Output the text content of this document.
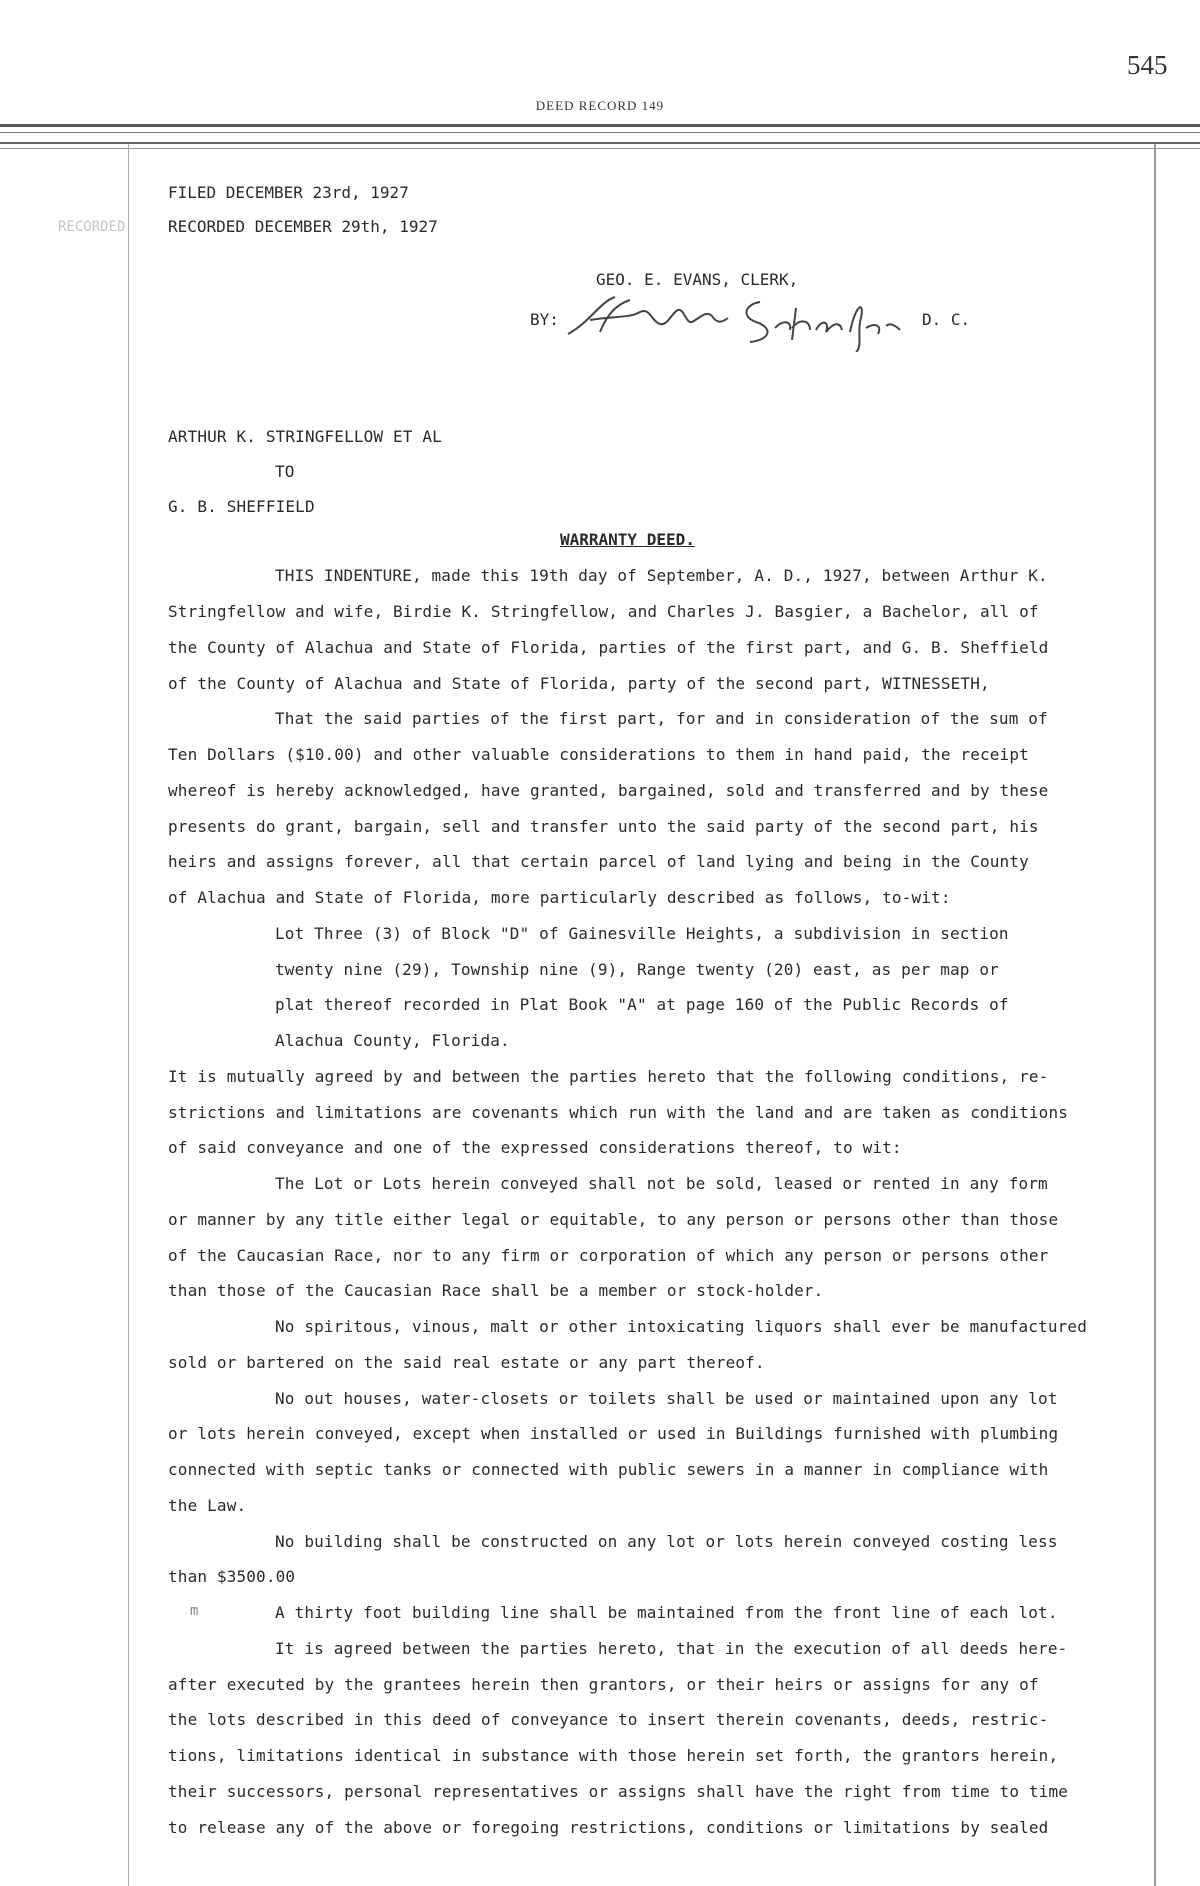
545
DEED RECORD 149
FILED DECEMBER 23rd, 1927
RECORDED	RECORDED DECEMBER 29th, 1927
GEO. E. EVANS, CLERK,
BY:	D. C.
ARTHUR K. STRINGFELLOW ET AL
TO
G. B. SHEFFIELD
WARRANTY DEED.
THIS INDENTURE, made this 19th day of September, A. D., 1927, between Arthur K.
Stringfellow and wife, Birdie K. Stringfellow, and Charles J. Basgier, a Bachelor, all of
the County of Alachua and State of Florida, parties of the first part, and G. B. Sheffield
of the County of Alachua and State of Florida, party of the second part, WITNESSETH,
That the said parties of the first part, for and in consideration of the sum of
Ten Dollars ($10.00) and other valuable considerations to them in hand paid, the receipt
whereof is hereby acknowledged, have granted, bargained, sold and transferred and by these
presents do grant, bargain, sell and transfer unto the said party of the second part, his
heirs and assigns forever, all that certain parcel of land lying and being in the County
of Alachua and State of Florida, more particularly described as follows, to-wit:
Lot Three (3) of Block "D" of Gainesville Heights, a subdivision in section
twenty nine (29), Township nine (9), Range twenty (20) east, as per map or
plat thereof recorded in Plat Book "A" at page 160 of the Public Records of
Alachua County, Florida.
It is mutually agreed by and between the parties hereto that the following conditions, re-
strictions and limitations are covenants which run with the land and are taken as conditions
of said conveyance and one of the expressed considerations thereof, to wit:
The Lot or Lots herein conveyed shall not be sold, leased or rented in any form
or manner by any title either legal or equitable, to any person or persons other than those
of the Caucasian Race, nor to any firm or corporation of which any person or persons other
than those of the Caucasian Race shall be a member or stock-holder.
No spiritous, vinous, malt or other intoxicating liquors shall ever be manufactured
sold or bartered on the said real estate or any part thereof.
No out houses, water-closets or toilets shall be used or maintained upon any lot
or lots herein conveyed, except when installed or used in Buildings furnished with plumbing
connected with septic tanks or connected with public sewers in a manner in compliance with
the Law.
No building shall be constructed on any lot or lots herein conveyed costing less
than $3500.00
m	A thirty foot building line shall be maintained from the front line of each lot.
It is agreed between the parties hereto, that in the execution of all deeds here-
after executed by the grantees herein then grantors, or their heirs or assigns for any of
the lots described in this deed of conveyance to insert therein covenants, deeds, restric-
tions, limitations identical in substance with those herein set forth, the grantors herein,
their successors, personal representatives or assigns shall have the right from time to time
to release any of the above or foregoing restrictions, conditions or limitations by sealed
